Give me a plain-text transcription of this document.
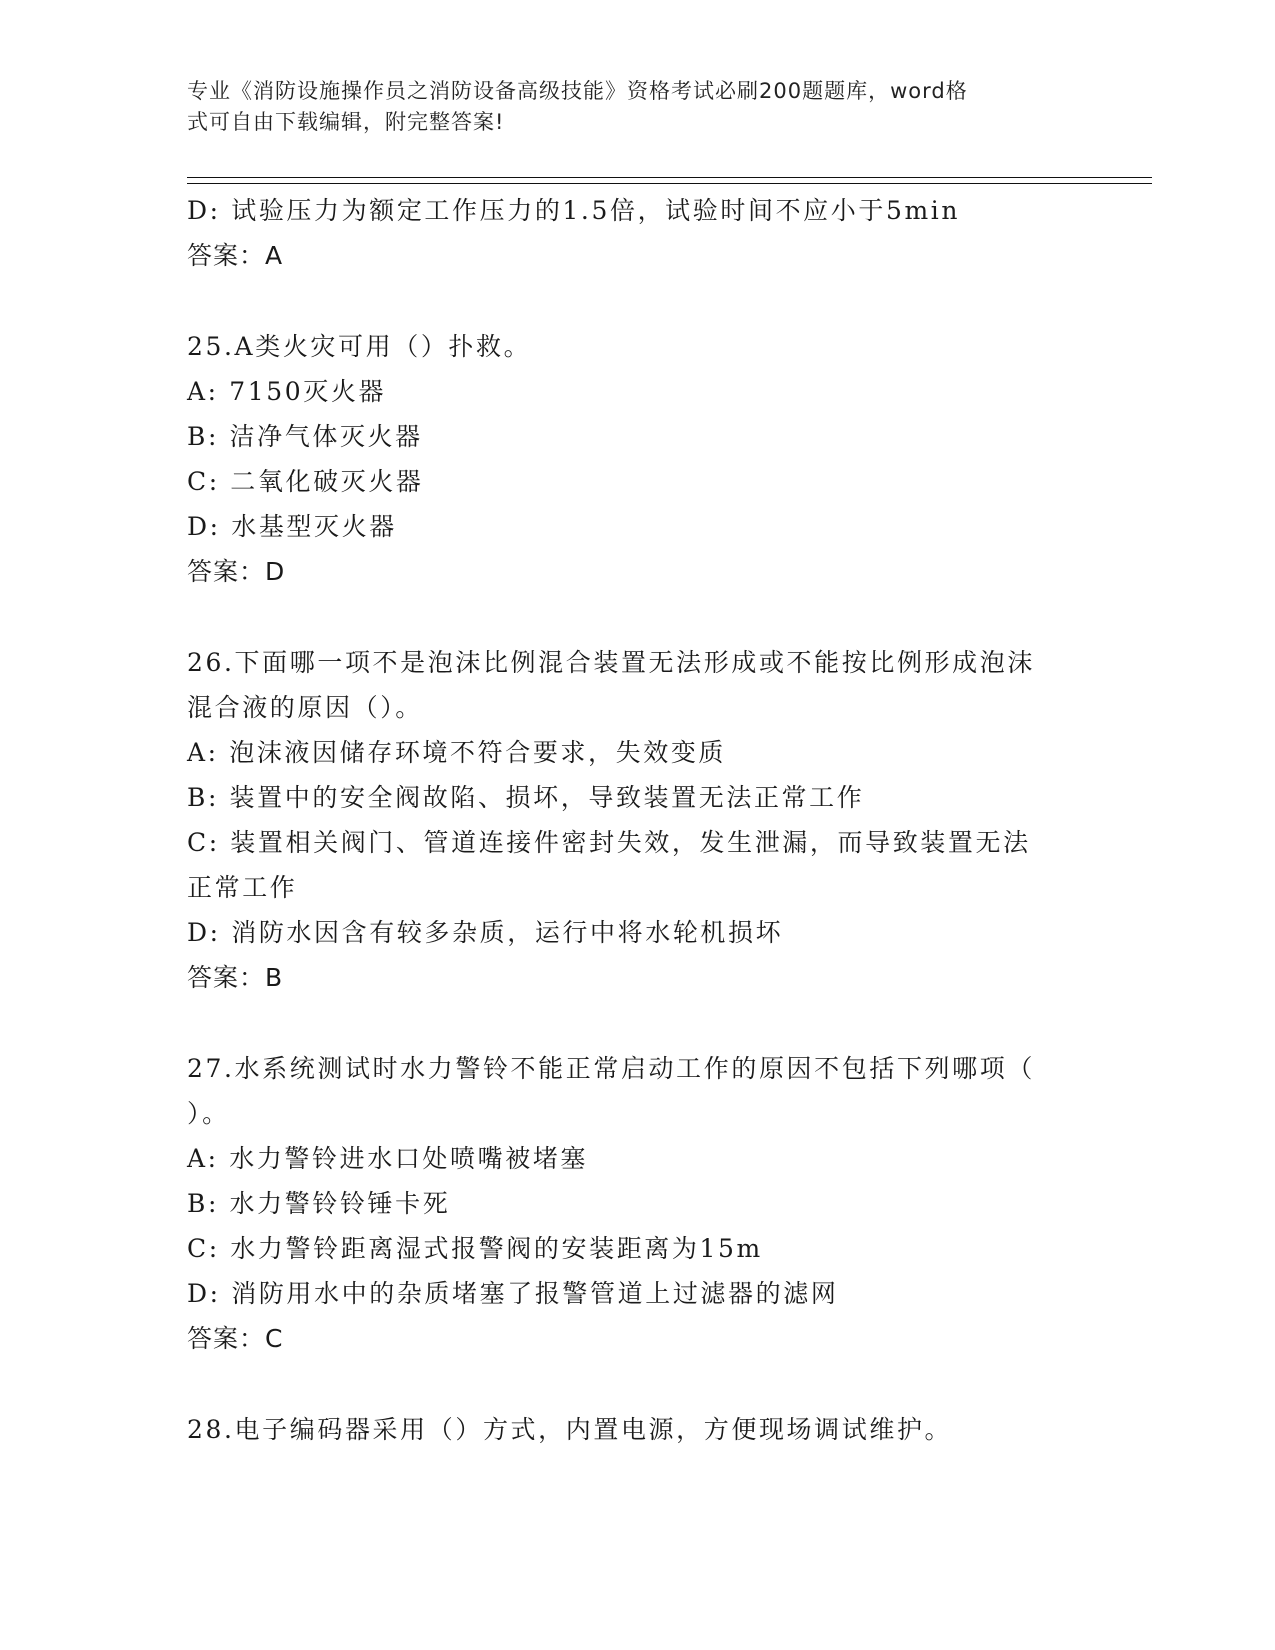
专业《消防设施操作员之消防设备高级技能》资格考试必刷200题题库，word格
式可自由下载编辑，附完整答案!

D: 试验压力为额定工作压力的1.5倍，试验时间不应小于5min

答案：A

25.A类火灾可用（）扑救。

A: 7150灭火器

B: 洁净气体灭火器

C: 二氧化破灭火器

D: 水基型灭火器

答案：D

26.下面哪一项不是泡沫比例混合装置无法形成或不能按比例形成泡沫

混合液的原因（）。

A: 泡沫液因储存环境不符合要求，失效变质

B: 装置中的安全阀故陷、损坏，导致装置无法正常工作

C: 装置相关阀门、管道连接件密封失效，发生泄漏，而导致装置无法

正常工作

D: 消防水因含有较多杂质，运行中将水轮机损坏

答案：B

27.水系统测试时水力警铃不能正常启动工作的原因不包括下列哪项（

）。

A: 水力警铃进水口处喷嘴被堵塞

B: 水力警铃铃锤卡死

C: 水力警铃距离湿式报警阀的安装距离为15m

D: 消防用水中的杂质堵塞了报警管道上过滤器的滤网

答案：C

28.电子编码器采用（）方式，内置电源，方便现场调试维护。
